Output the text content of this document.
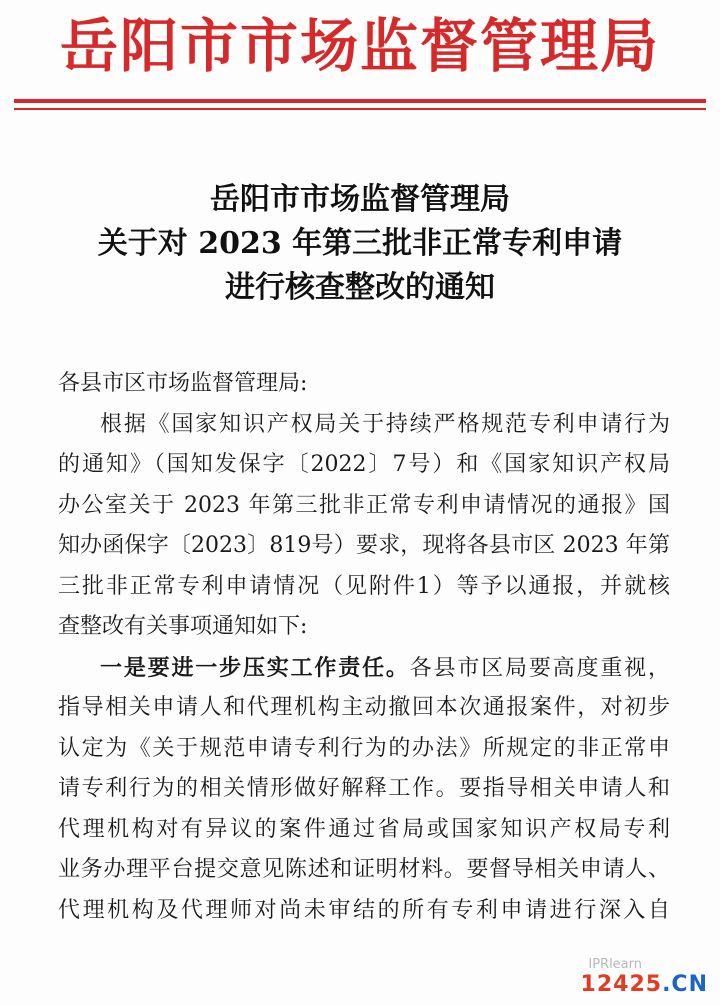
岳阳市市场监督管理局
岳阳市市场监督管理局
关于对 2023 年第三批非正常专利申请
进行核查整改的通知
各县市区市场监督管理局:
根据《国家知识产权局关于持续严格规范专利申请行为
的通知》（国知发保字〔2022〕7号）和《国家知识产权局
办公室关于 2023 年第三批非正常专利申请情况的通报》国
知办函保字〔2023〕819号）要求，现将各县市区 2023 年第
三批非正常专利申请情况（见附件1）等予以通报，并就核
查整改有关事项通知如下:
一是要进一步压实工作责任。各县市区局要高度重视，
指导相关申请人和代理机构主动撤回本次通报案件，对初步
认定为《关于规范申请专利行为的办法》所规定的非正常申
请专利行为的相关情形做好解释工作。要指导相关申请人和
代理机构对有异议的案件通过省局或国家知识产权局专利
业务办理平台提交意见陈述和证明材料。要督导相关申请人、
代理机构及代理师对尚未审结的所有专利申请进行深入自
IPRlearn
12425.CN
